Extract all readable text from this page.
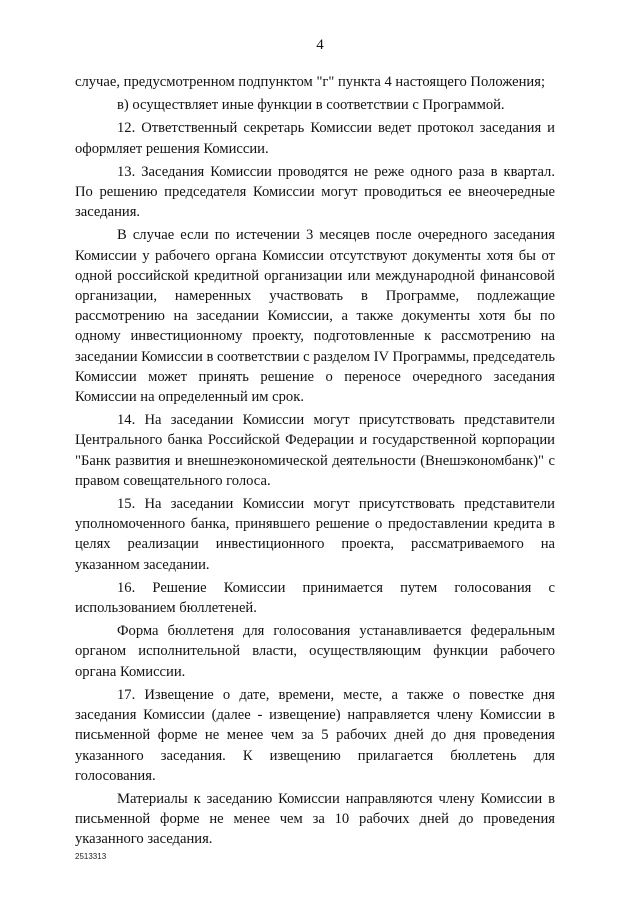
4

случае, предусмотренном подпунктом "г" пункта 4 настоящего Положения;

в) осуществляет иные функции в соответствии с Программой.

12. Ответственный секретарь Комиссии ведет протокол заседания и оформляет решения Комиссии.

13. Заседания Комиссии проводятся не реже одного раза в квартал. По решению председателя Комиссии могут проводиться ее внеочередные заседания.

В случае если по истечении 3 месяцев после очередного заседания Комиссии у рабочего органа Комиссии отсутствуют документы хотя бы от одной российской кредитной организации или международной финансовой организации, намеренных участвовать в Программе, подлежащие рассмотрению на заседании Комиссии, а также документы хотя бы по одному инвестиционному проекту, подготовленные к рассмотрению на заседании Комиссии в соответствии с разделом IV Программы, председатель Комиссии может принять решение о переносе очередного заседания Комиссии на определенный им срок.

14. На заседании Комиссии могут присутствовать представители Центрального банка Российской Федерации и государственной корпорации "Банк развития и внешнеэкономической деятельности (Внешэкономбанк)" с правом совещательного голоса.

15. На заседании Комиссии могут присутствовать представители уполномоченного банка, принявшего решение о предоставлении кредита в целях реализации инвестиционного проекта, рассматриваемого на указанном заседании.

16. Решение Комиссии принимается путем голосования с использованием бюллетеней.

Форма бюллетеня для голосования устанавливается федеральным органом исполнительной власти, осуществляющим функции рабочего органа Комиссии.

17. Извещение о дате, времени, месте, а также о повестке дня заседания Комиссии (далее - извещение) направляется члену Комиссии в письменной форме не менее чем за 5 рабочих дней до дня проведения указанного заседания. К извещению прилагается бюллетень для голосования.

Материалы к заседанию Комиссии направляются члену Комиссии в письменной форме не менее чем за 10 рабочих дней до проведения указанного заседания.

2513313
